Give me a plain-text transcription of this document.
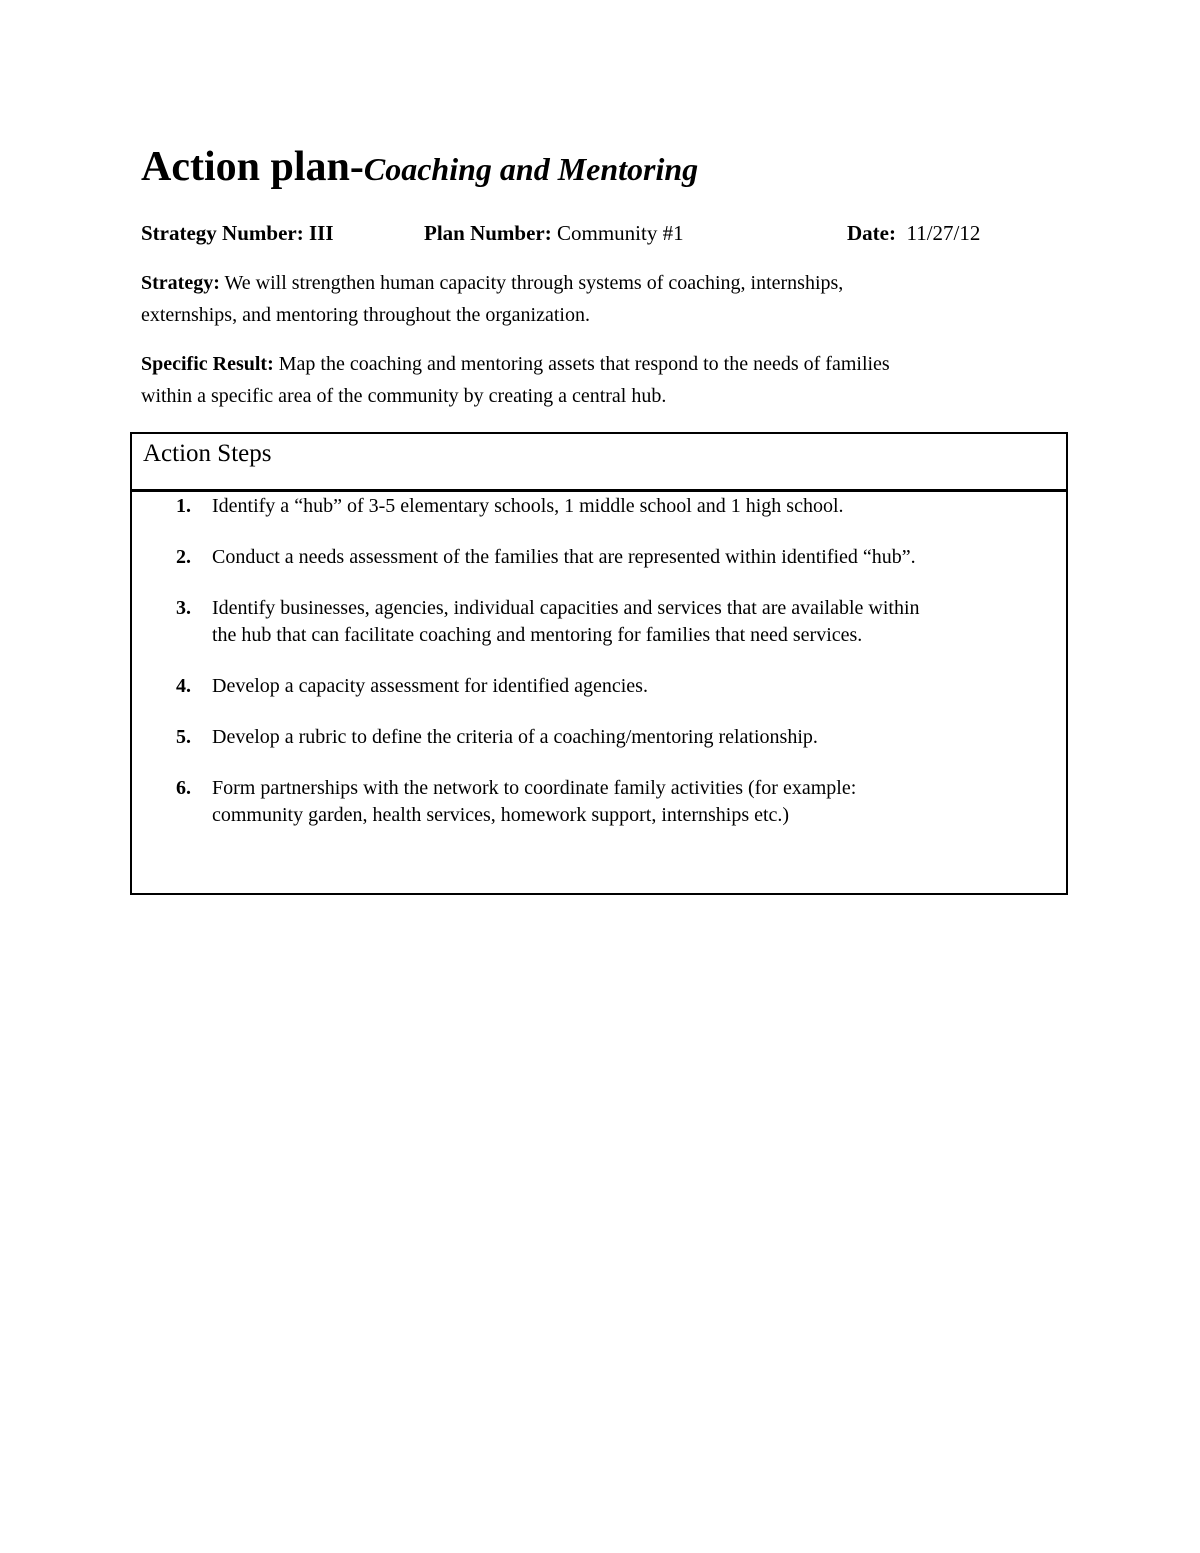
Action plan-Coaching and Mentoring
Strategy Number: III	Plan Number: Community #1	Date: 11/27/12
Strategy: We will strengthen human capacity through systems of coaching, internships,
externships, and mentoring throughout the organization.
Specific Result: Map the coaching and mentoring assets that respond to the needs of families
within a specific area of the community by creating a central hub.
Action Steps
1. Identify a “hub” of 3-5 elementary schools, 1 middle school and 1 high school.
2. Conduct a needs assessment of the families that are represented within identified “hub”.
3. Identify businesses, agencies, individual capacities and services that are available within
the hub that can facilitate coaching and mentoring for families that need services.
4. Develop a capacity assessment for identified agencies.
5. Develop a rubric to define the criteria of a coaching/mentoring relationship.
6. Form partnerships with the network to coordinate family activities (for example:
community garden, health services, homework support, internships etc.)
